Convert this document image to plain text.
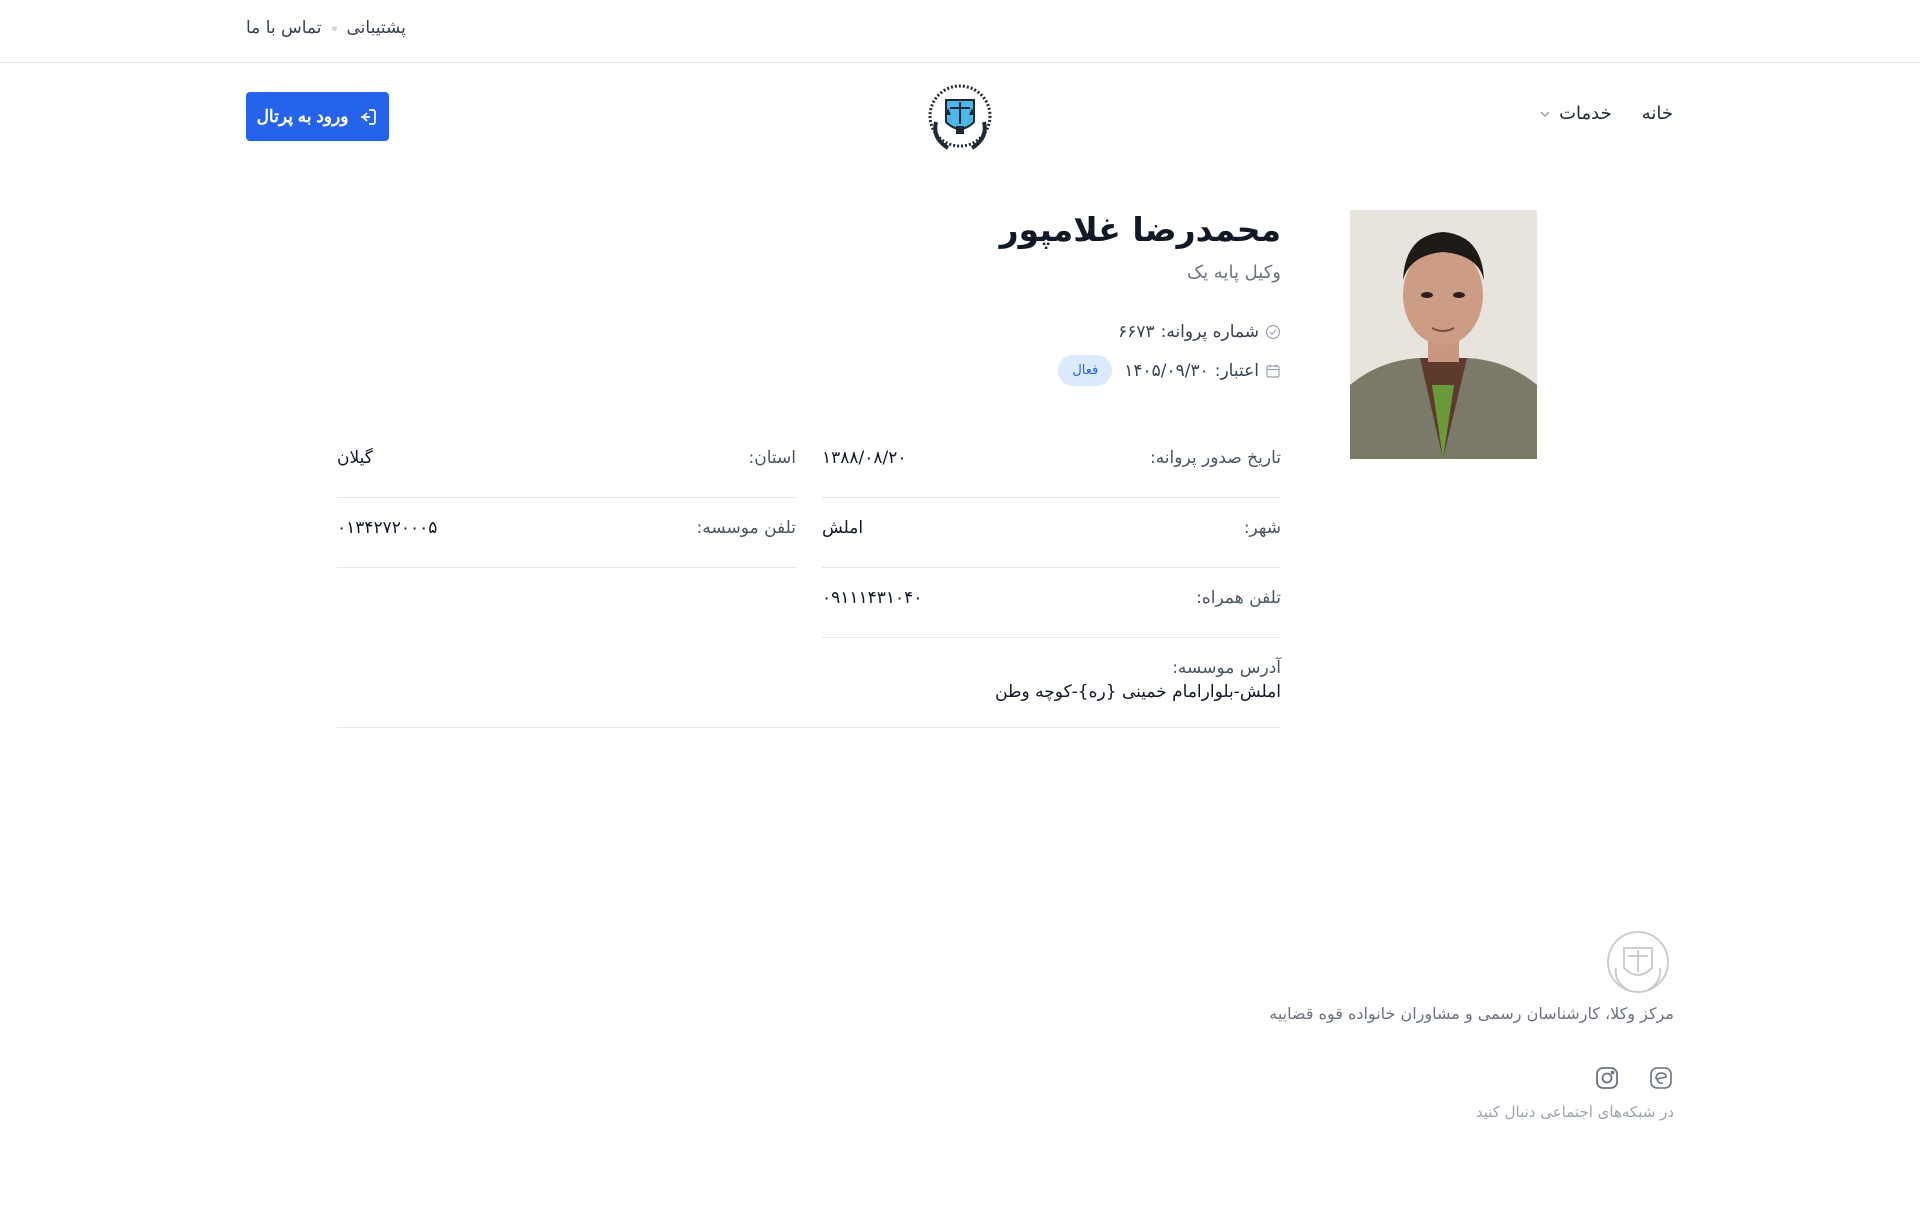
پشتیبانی
تماس با ما
خانه
خدمات
ورود به پرتال
محمدرضا غلامپور
وکیل پایه یک
شماره پروانه:
۶۶۷۳
اعتبار:
۱۴۰۵/۰۹/۳۰
فعال
تاریخ صدور پروانه:
۱۳۸۸/۰۸/۲۰
استان:
گیلان
شهر:
املش
تلفن موسسه:
۰۱۳۴۲۷۲۰۰۰۵
تلفن همراه:
۰۹۱۱۱۴۳۱۰۴۰
آدرس موسسه:
املش-بلوارامام خمینی {ره}-کوچه وطن
مرکز وکلا، کارشناسان رسمی و مشاوران خانواده قوه قضاییه
در شبکه‌های اجتماعی دنبال کنید
